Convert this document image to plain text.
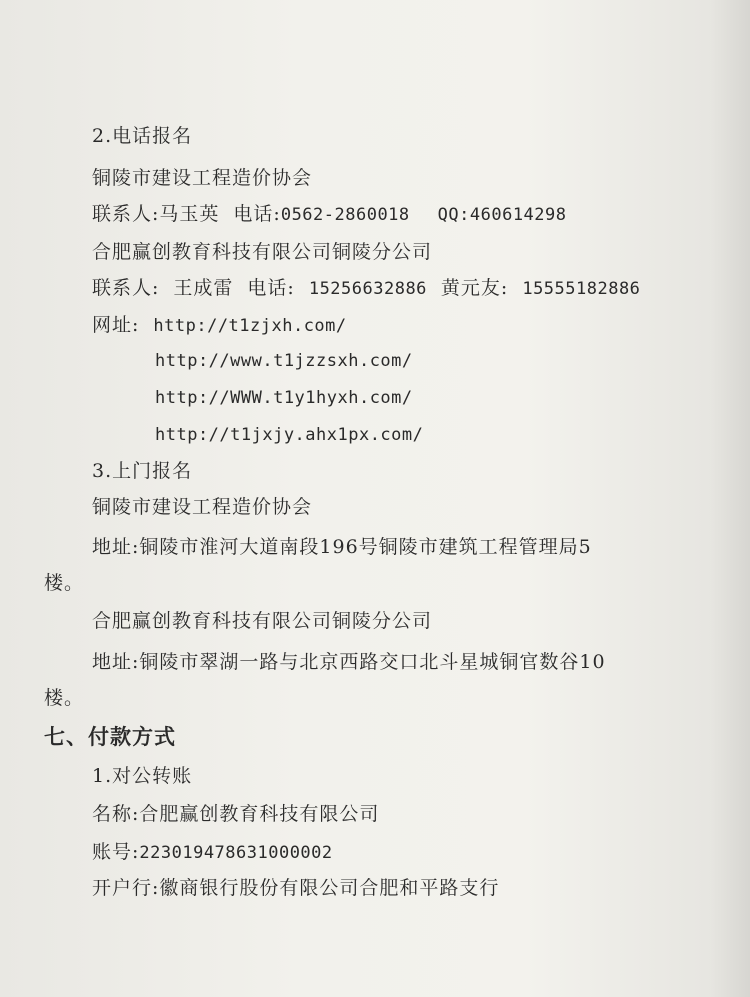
2.电话报名
铜陵市建设工程造价协会
联系人:马玉英 电话:0562-2860018 QQ:460614298
合肥赢创教育科技有限公司铜陵分公司
联系人: 王成雷 电话: 15256632886 黄元友: 15555182886
网址: http://t1zjxh.com/
http://www.t1jzzsxh.com/
http://WWW.t1y1hyxh.com/
http://t1jxjy.ahx1px.com/
3.上门报名
铜陵市建设工程造价协会
地址:铜陵市淮河大道南段196号铜陵市建筑工程管理局5
楼。
合肥赢创教育科技有限公司铜陵分公司
地址:铜陵市翠湖一路与北京西路交口北斗星城铜官数谷10
楼。
七、付款方式
1.对公转账
名称:合肥赢创教育科技有限公司
账号:223019478631000002
开户行:徽商银行股份有限公司合肥和平路支行
